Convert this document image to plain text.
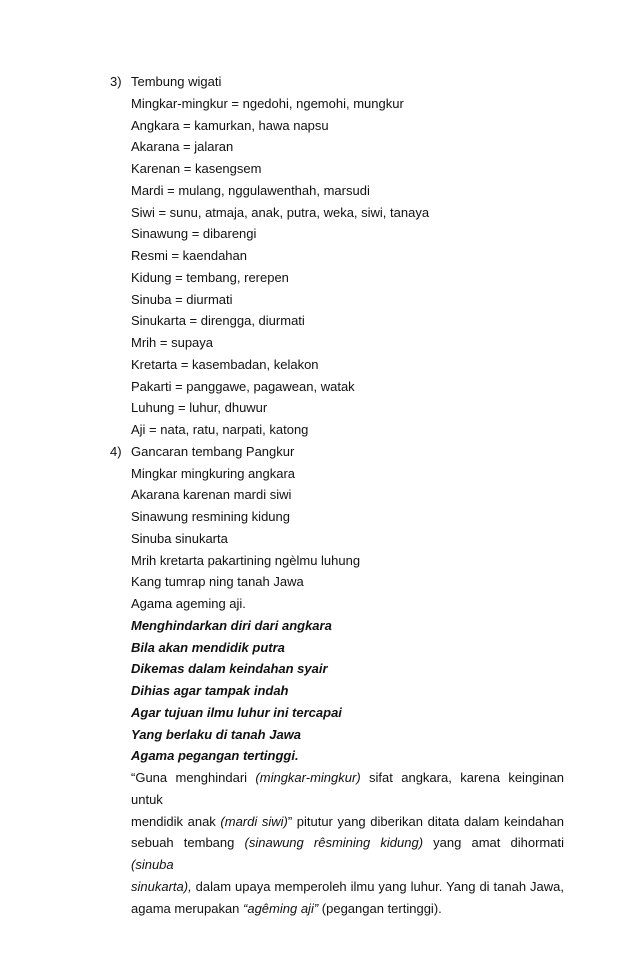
3) Tembung wigati
Mingkar-mingkur = ngedohi, ngemohi, mungkur
Angkara = kamurkan, hawa napsu
Akarana = jalaran
Karenan = kasengsem
Mardi = mulang, nggulawenthah, marsudi
Siwi = sunu, atmaja, anak, putra, weka, siwi, tanaya
Sinawung = dibarengi
Resmi = kaendahan
Kidung = tembang, rerepen
Sinuba = diurmati
Sinukarta = direngga, diurmati
Mrih = supaya
Kretarta = kasembadan, kelakon
Pakarti = panggawe, pagawean, watak
Luhung = luhur, dhuwur
Aji = nata, ratu, narpati, katong
4) Gancaran tembang Pangkur
Mingkar mingkuring angkara
Akarana karenan mardi siwi
Sinawung resmining kidung
Sinuba sinukarta
Mrih kretarta pakartining ngèlmu luhung
Kang tumrap ning tanah Jawa
Agama ageming aji.
Menghindarkan diri dari angkara
Bila akan mendidik putra
Dikemas dalam keindahan syair
Dihias agar tampak indah
Agar tujuan ilmu luhur ini tercapai
Yang berlaku di tanah Jawa
Agama pegangan tertinggi.
“Guna menghindari (mingkar-mingkur) sifat angkara, karena keinginan untuk
mendidik anak (mardi siwi)” pitutur yang diberikan ditata dalam keindahan
sebuah tembang (sinawung rêsmining kidung) yang amat dihormati (sinuba
sinukarta), dalam upaya memperoleh ilmu yang luhur. Yang di tanah Jawa,
agama merupakan “agêming aji” (pegangan tertinggi).
